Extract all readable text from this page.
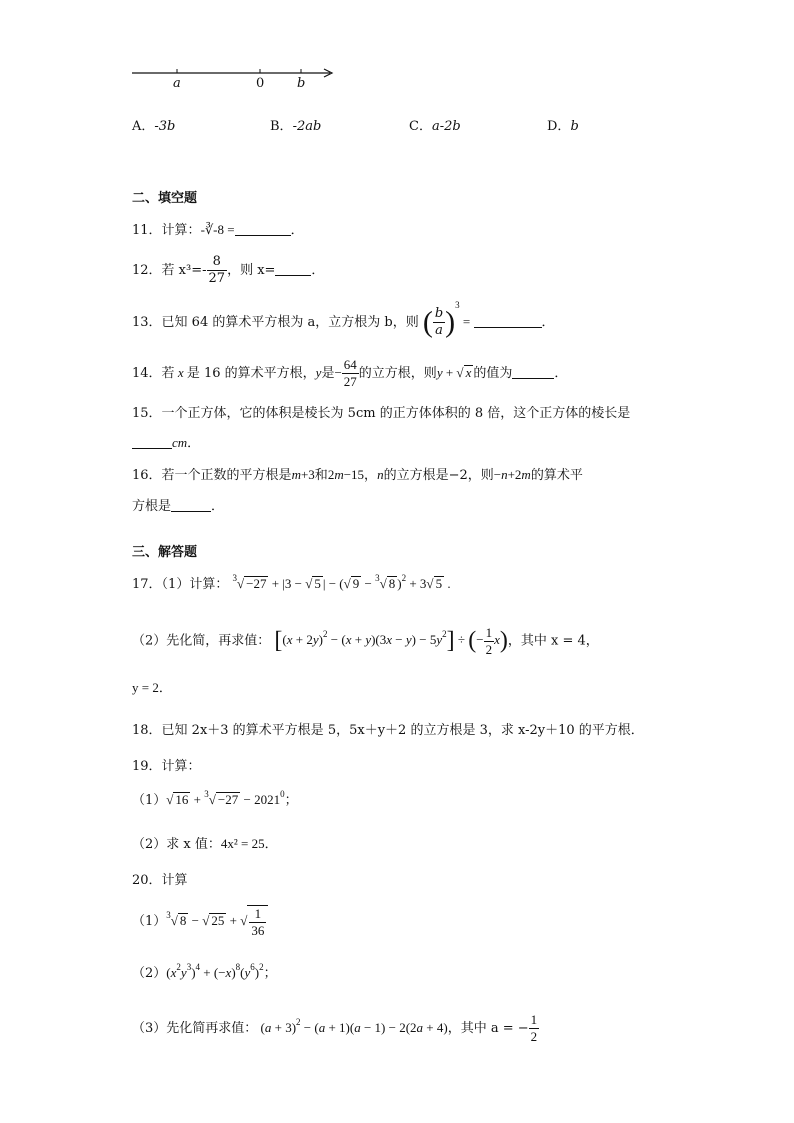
a	0	b
A．-3b	B．-2ab	C．a-2b	D．b
二、填空题
11．计算：-∛-8 =	．
12．若 $x^3=- \frac{8}{27}$ ，则 x=	．
13．已知 64 的算术平方根为 a，立方根为 b，则 ( $\frac{b}{a} )^3$ =	．
14．若 x 是 16 的算术平方根，y是− $\frac{64}{27}$ 的立方根，则y + √ x 的值为	．
15．一个正方体，它的体积是棱长为 5cm 的正方体体积的 8 倍，这个正方体的棱长是
cm．
16．若一个正数的平方根是m+3和2m−15，n的立方根是−2，则−n+2m的算术平
方根是	．
三、解答题
17．（1）计算： $^3$√ −27 + |3 − √ 5 | − (√ 9 − $^3$√ 8 )$^2$ + 3√ 5 .
（2）先化简，再求值： $[(x + 2y)^2 - (x + y)(3x - y) - 5y^2]$ ÷ (− $\frac{1}{2} x$)，其中 x = 4，
y = 2．
18．已知 2x＋3 的算术平方根是 5，5x＋y＋2 的立方根是 3，求 x-2y＋10 的平方根．
19．计算：
（1）√ $16 + ^3√ -27 - 2021^0$；
（2）求 x 值：4x² = 25．
20．计算
$(1)^3√$ 8 − √ 25 + √ $\frac{1}{36}$
$(2)(x^2y^3)^4 + (-x)^8(y^6)^2$；
（3）先化简再求值： $(a + 3)^2 - (a + 1)(a - 1) - 2(2a + 4)$，其中 a = − $\frac{1}{2}$
